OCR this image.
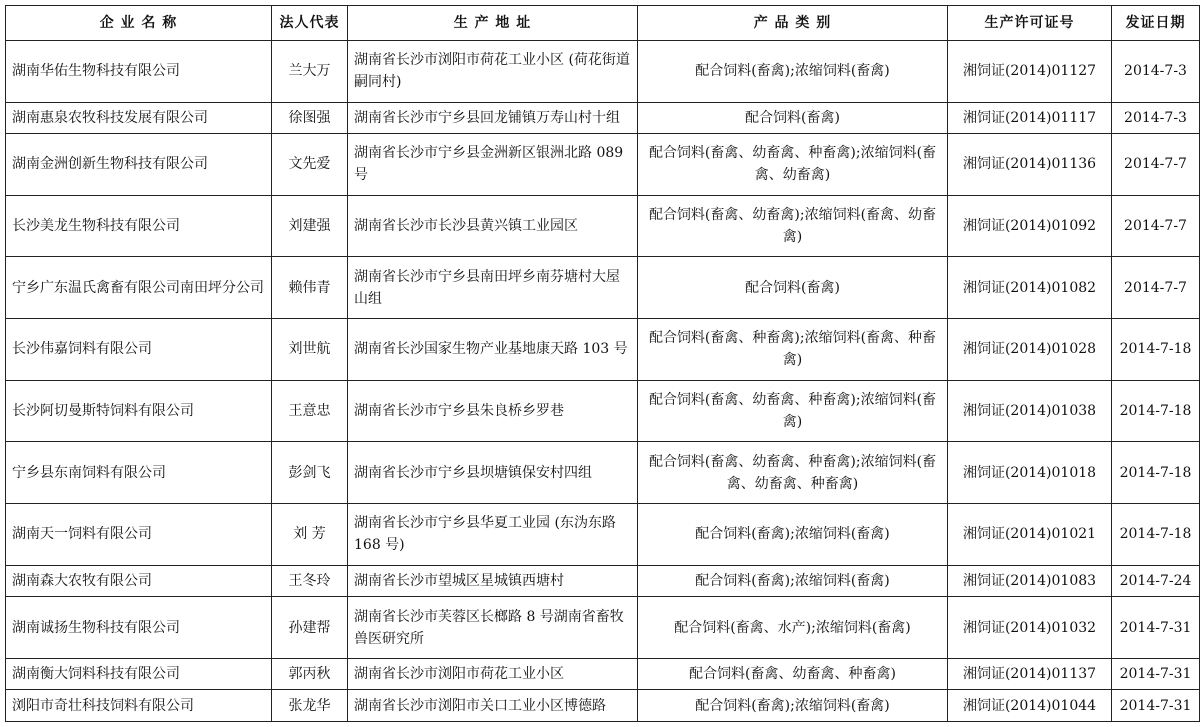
企 业 名 称	法人代表	生 产 地 址	产 品 类 别	生产许可证号	发证日期
湖南华佑生物科技有限公司	兰大万	湖南省长沙市浏阳市荷花工业小区 (荷花街道嗣同村)	配合饲料(畜禽);浓缩饲料(畜禽)	湘饲证(2014)01127	2014-7-3
湖南惠泉农牧科技发展有限公司	徐图强	湖南省长沙市宁乡县回龙铺镇万寿山村十组	配合饲料(畜禽)	湘饲证(2014)01117	2014-7-3
湖南金洲创新生物科技有限公司	文先爱	湖南省长沙市宁乡县金洲新区银洲北路 089 号	配合饲料(畜禽、幼畜禽、种畜禽);浓缩饲料(畜禽、幼畜禽)	湘饲证(2014)01136	2014-7-7
长沙美龙生物科技有限公司	刘建强	湖南省长沙市长沙县黄兴镇工业园区	配合饲料(畜禽、幼畜禽);浓缩饲料(畜禽、幼畜禽)	湘饲证(2014)01092	2014-7-7
宁乡广东温氏禽畜有限公司南田坪分公司	赖伟青	湖南省长沙市宁乡县南田坪乡南芬塘村大屋山组	配合饲料(畜禽)	湘饲证(2014)01082	2014-7-7
长沙伟嘉饲料有限公司	刘世航	湖南省长沙国家生物产业基地康天路 103 号	配合饲料(畜禽、种畜禽);浓缩饲料(畜禽、种畜禽)	湘饲证(2014)01028	2014-7-18
长沙阿切曼斯特饲料有限公司	王意忠	湖南省长沙市宁乡县朱良桥乡罗巷	配合饲料(畜禽、幼畜禽、种畜禽);浓缩饲料(畜禽)	湘饲证(2014)01038	2014-7-18
宁乡县东南饲料有限公司	彭剑飞	湖南省长沙市宁乡县坝塘镇保安村四组	配合饲料(畜禽、幼畜禽、种畜禽);浓缩饲料(畜禽、幼畜禽、种畜禽)	湘饲证(2014)01018	2014-7-18
湖南天一饲料有限公司	刘 芳	湖南省长沙市宁乡县华夏工业园 (东沩东路 168 号)	配合饲料(畜禽);浓缩饲料(畜禽)	湘饲证(2014)01021	2014-7-18
湖南森大农牧有限公司	王冬玲	湖南省长沙市望城区星城镇西塘村	配合饲料(畜禽);浓缩饲料(畜禽)	湘饲证(2014)01083	2014-7-24
湖南诚扬生物科技有限公司	孙建帮	湖南省长沙市芙蓉区长榔路 8 号湖南省畜牧兽医研究所	配合饲料(畜禽、水产);浓缩饲料(畜禽)	湘饲证(2014)01032	2014-7-31
湖南衡大饲料科技有限公司	郭丙秋	湖南省长沙市浏阳市荷花工业小区	配合饲料(畜禽、幼畜禽、种畜禽)	湘饲证(2014)01137	2014-7-31
浏阳市奇壮科技饲料有限公司	张龙华	湖南省长沙市浏阳市关口工业小区博德路	配合饲料(畜禽);浓缩饲料(畜禽)	湘饲证(2014)01044	2014-7-31
